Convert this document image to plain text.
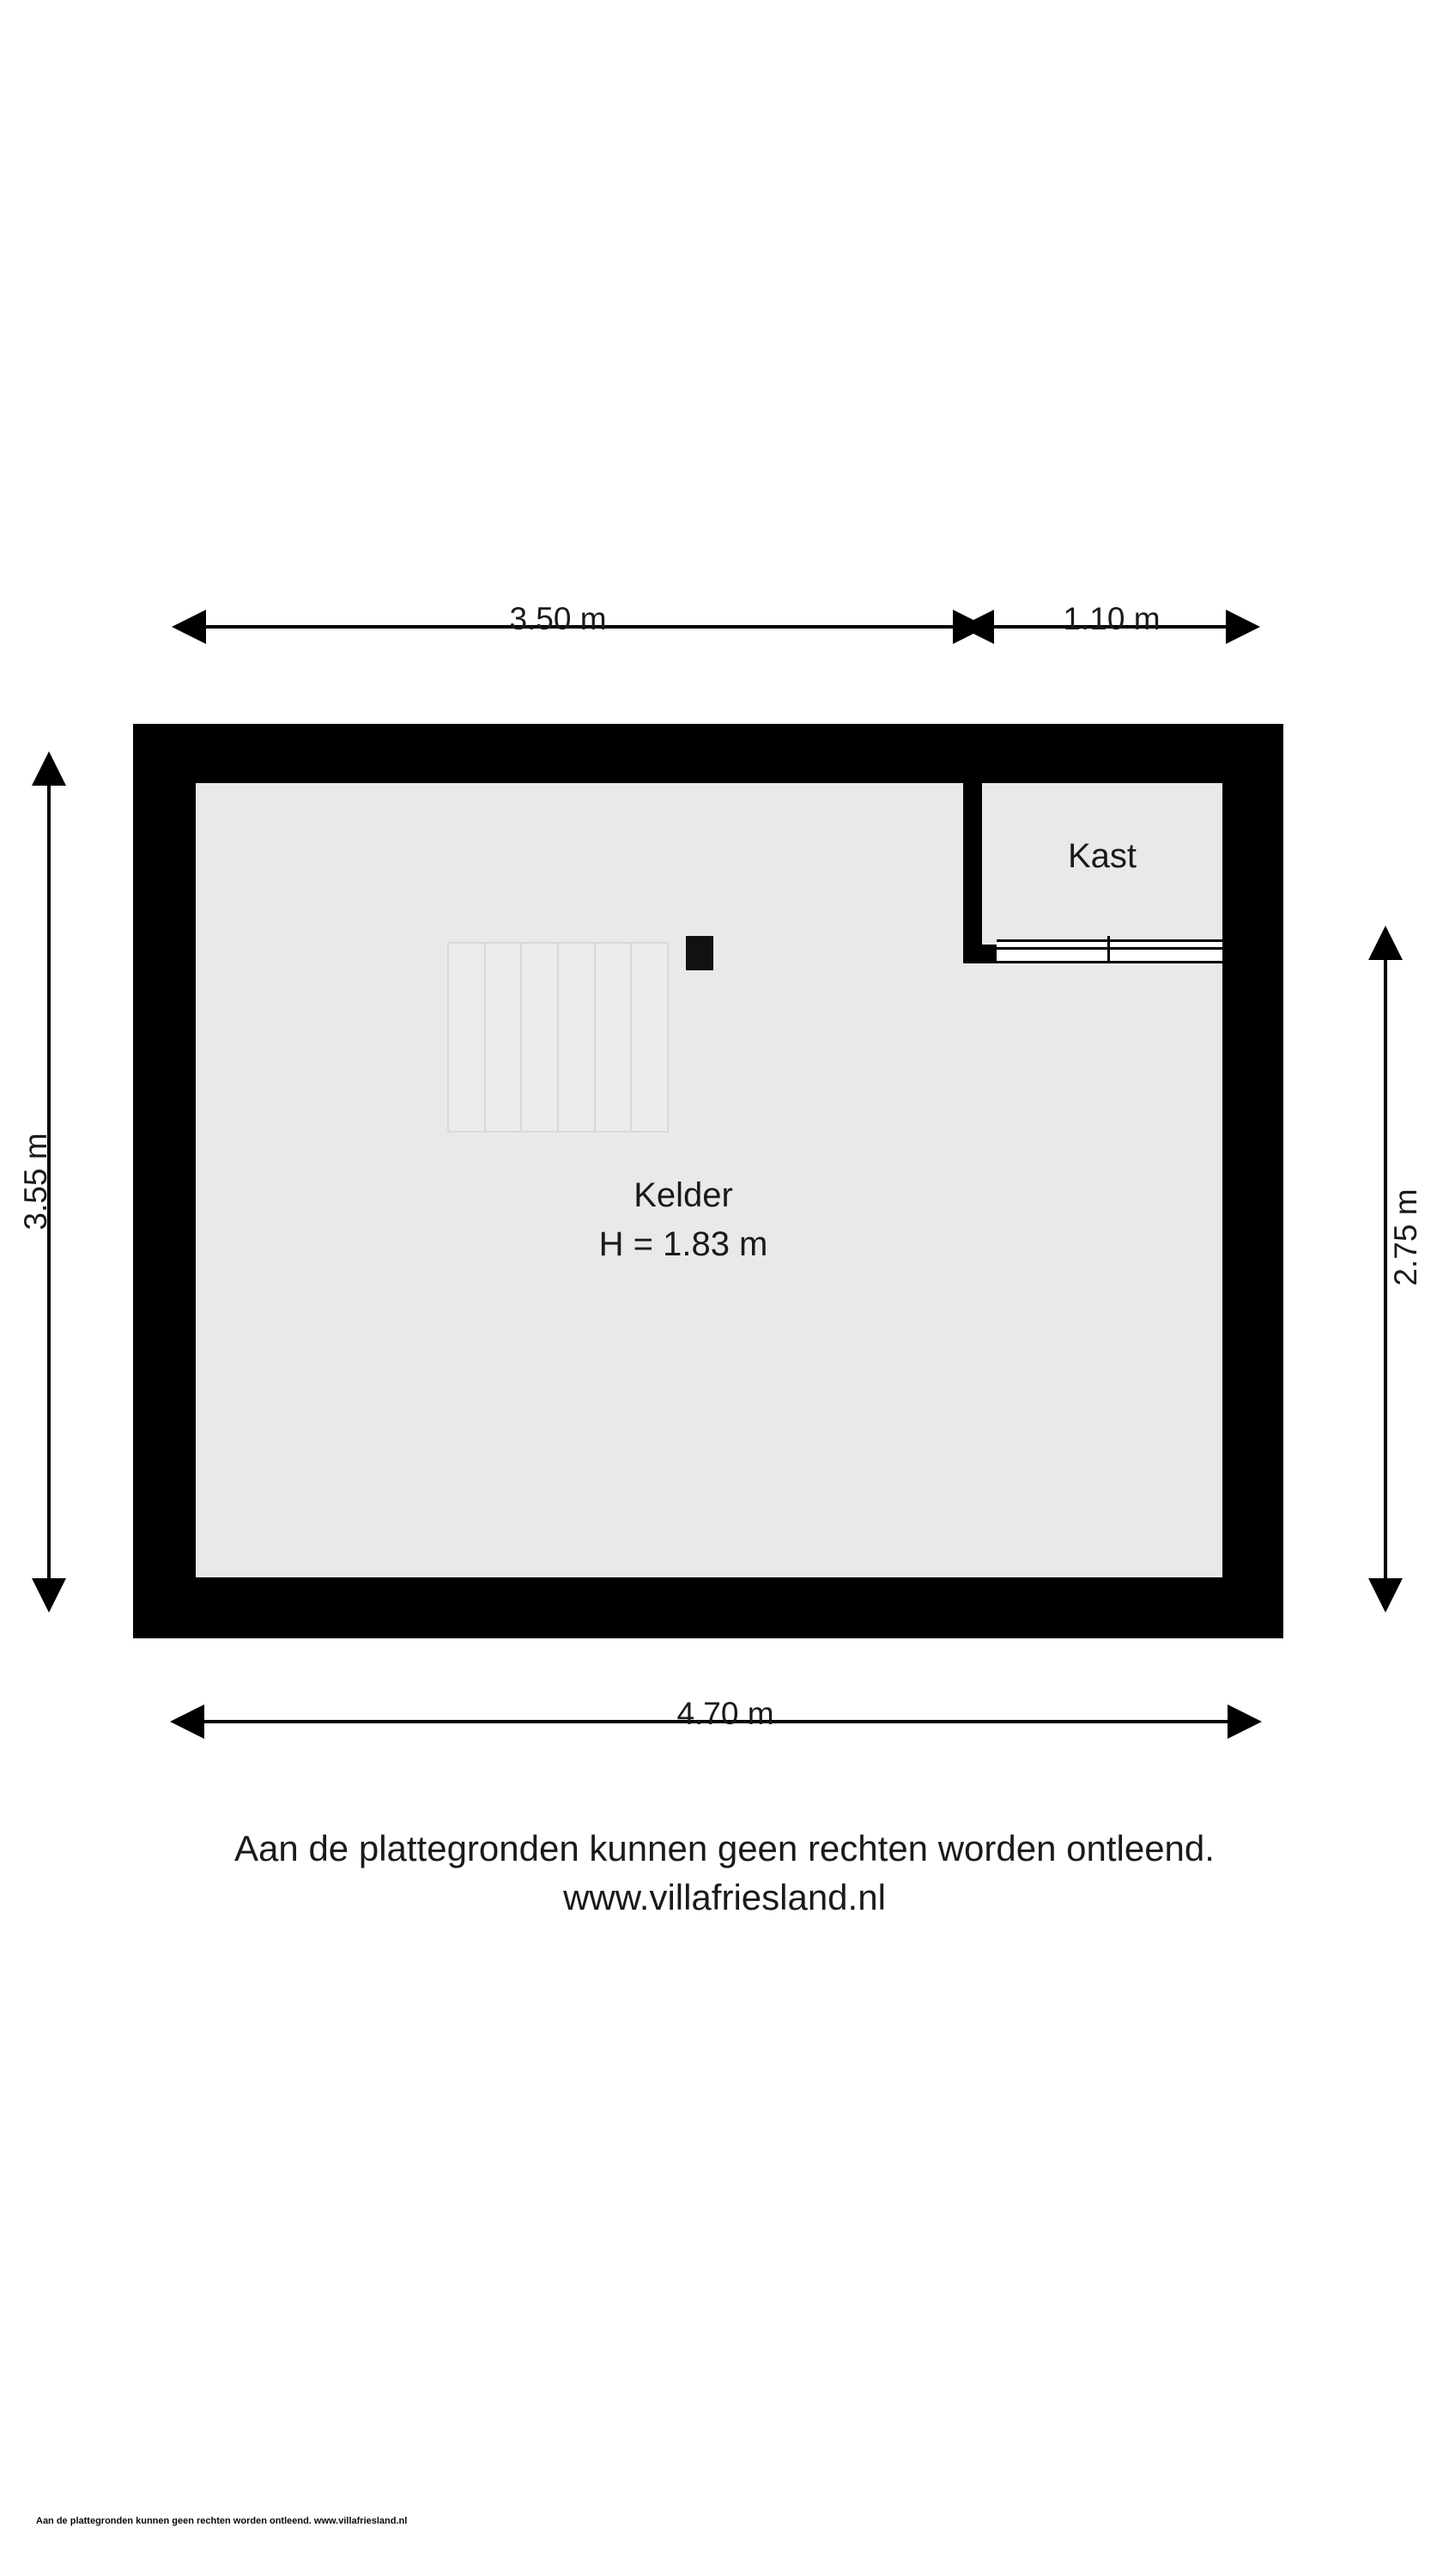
3.50 m	1.10 m
3.55 m
2.75 m
4.70 m
Kast
Kelder
H = 1.83 m
Aan de plattegronden kunnen geen rechten worden ontleend.
www.villafriesland.nl
Aan de plattegronden kunnen geen rechten worden ontleend. www.villafriesland.nl
